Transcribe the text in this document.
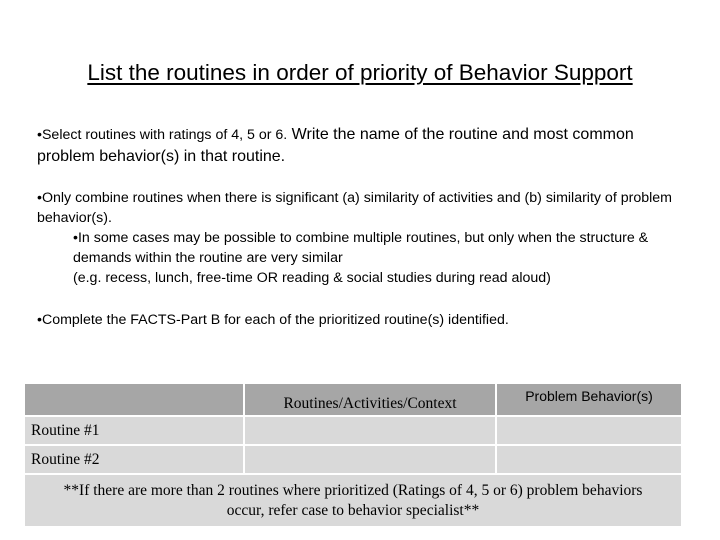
List the routines in order of priority of Behavior Support
•Select routines with ratings of 4, 5 or 6. Write the name of the routine and most common problem behavior(s) in that routine.
•Only combine routines when there is significant (a) similarity of activities and (b) similarity of problem behavior(s).
•In some cases may be possible to combine multiple routines, but only when the structure & demands within the routine are very similar
(e.g. recess, lunch, free-time OR reading & social studies during read aloud)
•Complete the FACTS-Part B for each of the prioritized routine(s) identified.
	Routines/Activities/Context	Problem Behavior(s)
Routine #1		
Routine #2		
**If there are more than 2 routines where prioritized (Ratings of 4, 5 or 6) problem behaviors occur, refer case to behavior specialist**		
